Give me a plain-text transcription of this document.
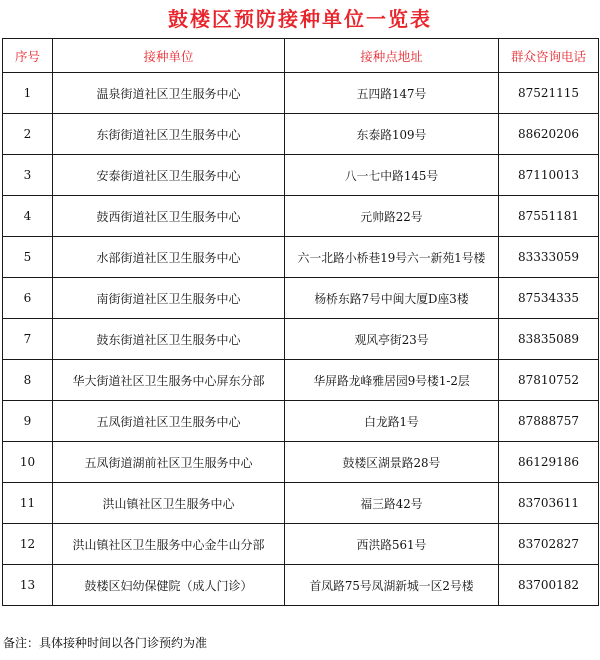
鼓楼区预防接种单位一览表
序号	接种单位	接种点地址	群众咨询电话
1	温泉街道社区卫生服务中心	五四路147号	87521115
2	东街街道社区卫生服务中心	东泰路109号	88620206
3	安泰街道社区卫生服务中心	八一七中路145号	87110013
4	鼓西街道社区卫生服务中心	元帅路22号	87551181
5	水部街道社区卫生服务中心	六一北路小桥巷19号六一新苑1号楼	83333059
6	南街街道社区卫生服务中心	杨桥东路7号中闽大厦D座3楼	87534335
7	鼓东街道社区卫生服务中心	观风亭街23号	83835089
8	华大街道社区卫生服务中心屏东分部	华屏路龙峰雅居园9号楼1-2层	87810752
9	五凤街道社区卫生服务中心	白龙路1号	87888757
10	五凤街道湖前社区卫生服务中心	鼓楼区湖景路28号	86129186
11	洪山镇社区卫生服务中心	福三路42号	83703611
12	洪山镇社区卫生服务中心金牛山分部	西洪路561号	83702827
13	鼓楼区妇幼保健院（成人门诊）	首凤路75号凤湖新城一区2号楼	83700182
备注：具体接种时间以各门诊预约为准
